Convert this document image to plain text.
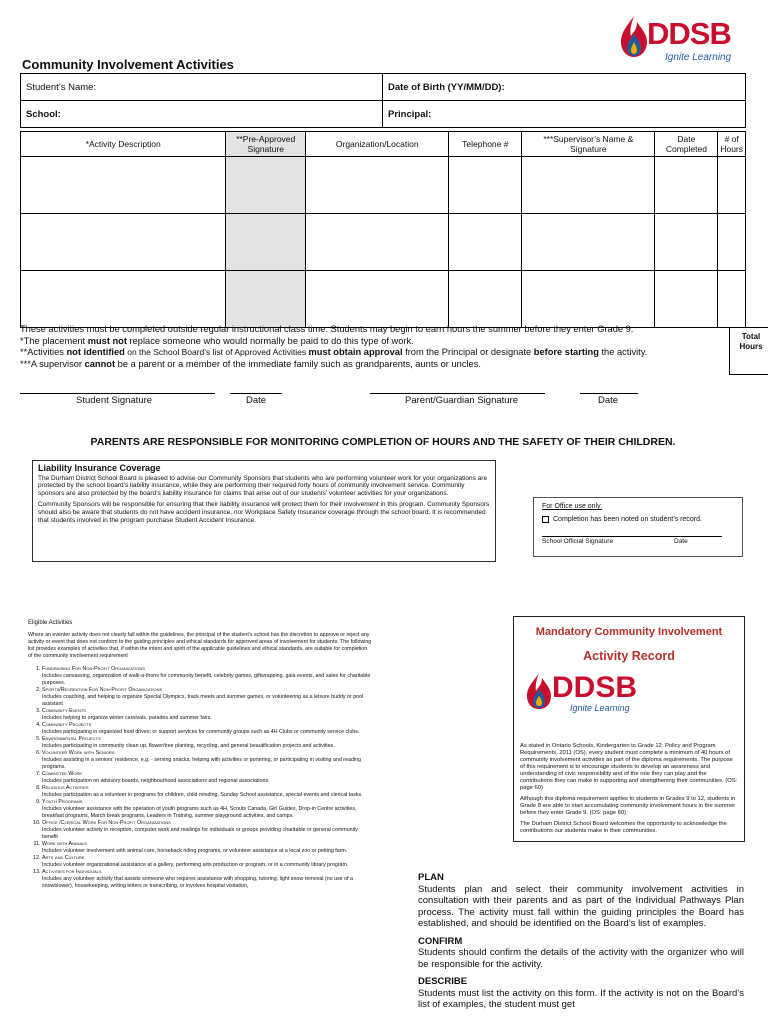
DDSB
Ignite Learning
Community Involvement Activities
Student’s Name:	Date of Birth (YY/MM/DD):
School:	Principal:
*Activity Description	**Pre-Approved Signature	Organization/Location	Telephone #	***Supervisor’s Name & Signature	Date Completed	# of Hours

These activities must be completed outside regular instructional class time. Students may begin to earn hours the summer before they enter Grade 9.
*The placement must not replace someone who would normally be paid to do this type of work.
**Activities not identified on the School Board’s list of Approved Activities must obtain approval from the Principal or designate before starting the activity.
***A supervisor cannot be a parent or a member of the immediate family such as grandparents, aunts or uncles.
Total Hours
Student Signature	Date	Parent/Guardian Signature	Date
PARENTS ARE RESPONSIBLE FOR MONITORING COMPLETION OF HOURS AND THE SAFETY OF THEIR CHILDREN.
Liability Insurance Coverage

The Durham District School Board is pleased to advise our Community Sponsors that students who are performing volunteer work for your organizations are protected by the school board’s liability insurance, while they are performing their required forty hours of community involvement service. Community sponsors are also protected by the board’s liability insurance for claims that arise out of our students’ volunteer activities for your organizations.

Community Sponsors will be responsible for ensuring that their liability insurance will protect them for their involvement in this program. Community Sponsors should also be aware that students do not have accident insurance, nor Workplace Safety Insurance coverage through the school board. It is recommended that students involved in the program purchase Student Accident Insurance.

For Office use only.
Completion has been noted on student’s record.
School Official Signature	Date
Eligible Activities
Where an eventer activity does not clearly fall within the guidelines, the principal of the student’s school has the discretion to approve or reject any activity or event that does not conform to the guiding principles and ethical standards for approved areas of involvement for students. The following list provides examples of activities that, if within the intent and spirit of the applicable guidelines and ethical standards, are suitable for completion of the community involvement requirement
1. Fundraising For Non-Profit Organizations
Includes canvassing, organization of walk-a-thons for community benefit, celebrity games, giftwrapping, gala events, and sales for charitable purposes.
2. Sports/Recreation For Non-Profit Organizations
Includes coaching, and helping to organize Special Olympics, track meets and summer games, or volunteering as a leisure buddy or pool assistant
3. Community Events
Includes helping to organize winter carnivals, parades and summer fairs.
4. Community Projects
Includes participating in organized food drives; or support services for community groups such as 4H Clubs or community service clubs.
5. Environmental Projects
Includes participating in community clean up, flower/tree planting, recycling, and general beautification projects and activities.
6. Volunteer Work with Seniors
Includes assisting in a seniors’ residence, e.g. - serving snacks, helping with activities or portering, or participating in visiting and reading programs.
7. Committee Work
Includes participation on advisory boards, neighbourhood associations and regional associations.
8. Religious Activities
Includes participation as a volunteer in programs for children, child minding, Sunday School assistance, special events and clerical tasks.
9. Youth Programs
Includes volunteer assistance with the operation of youth programs such as 4H, Scouts Canada, Girl Guides, Drop-in Centre activities, breakfast programs, March break programs, Leaders in Training, summer playground activities, and camps.
10. Office /Clerical Work For Non-Profit Organizations
Includes volunteer activity in reception, computer work and mailings for individuals or groups providing charitable or general community benefit
11. Work with Animals
Includes volunteer involvement with animal care, horseback riding programs, or volunteer assistance at a local zoo or petting farm.
12. Arts and Culture
Includes volunteer organizational assistance at a gallery, performing arts production or program, or in a community library program.
13. Activities for Individuals
Includes any volunteer activity that assists someone who requires assistance with shopping, tutoring, light snow removal (no use of a snowblower), housekeeping, writing letters or transcribing, or involves hospital visitation,
Mandatory Community Involvement
Activity Record
DDSB
Ignite Learning
As stated in Ontario Schools, Kindergarten to Grade 12: Policy and Program Requirements, 2011 (OS), every student must complete a minimum of 40 hours of community involvement activities as part of the diploma requirements. The purpose of this requirement is to encourage students to develop an awareness and understanding of civic responsibility and of the role they can play and the contributions they can make in supporting and strengthening their communities. (OS: page 60)
Although this diploma requirement applies to students in Grades 9 to 12, students in Grade 8 are able to start accumulating community involvement hours in the summer before they enter Grade 9. (OS: page 60)
The Durham District School Board welcomes the opportunity to acknowledge the contributions our students make in their communities.
PLAN

Students plan and select their community involvement activities in consultation with their parents and as part of the Individual Pathways Plan process. The activity must fall within the guiding principles the Board has established, and should be identified on the Board’s list of examples.

CONFIRM

Students should confirm the details of the activity with the organizer who will be responsible for the activity.

DESCRIBE

Students must list the activity on this form. If the activity is not on the Board’s list of examples, the student must get
